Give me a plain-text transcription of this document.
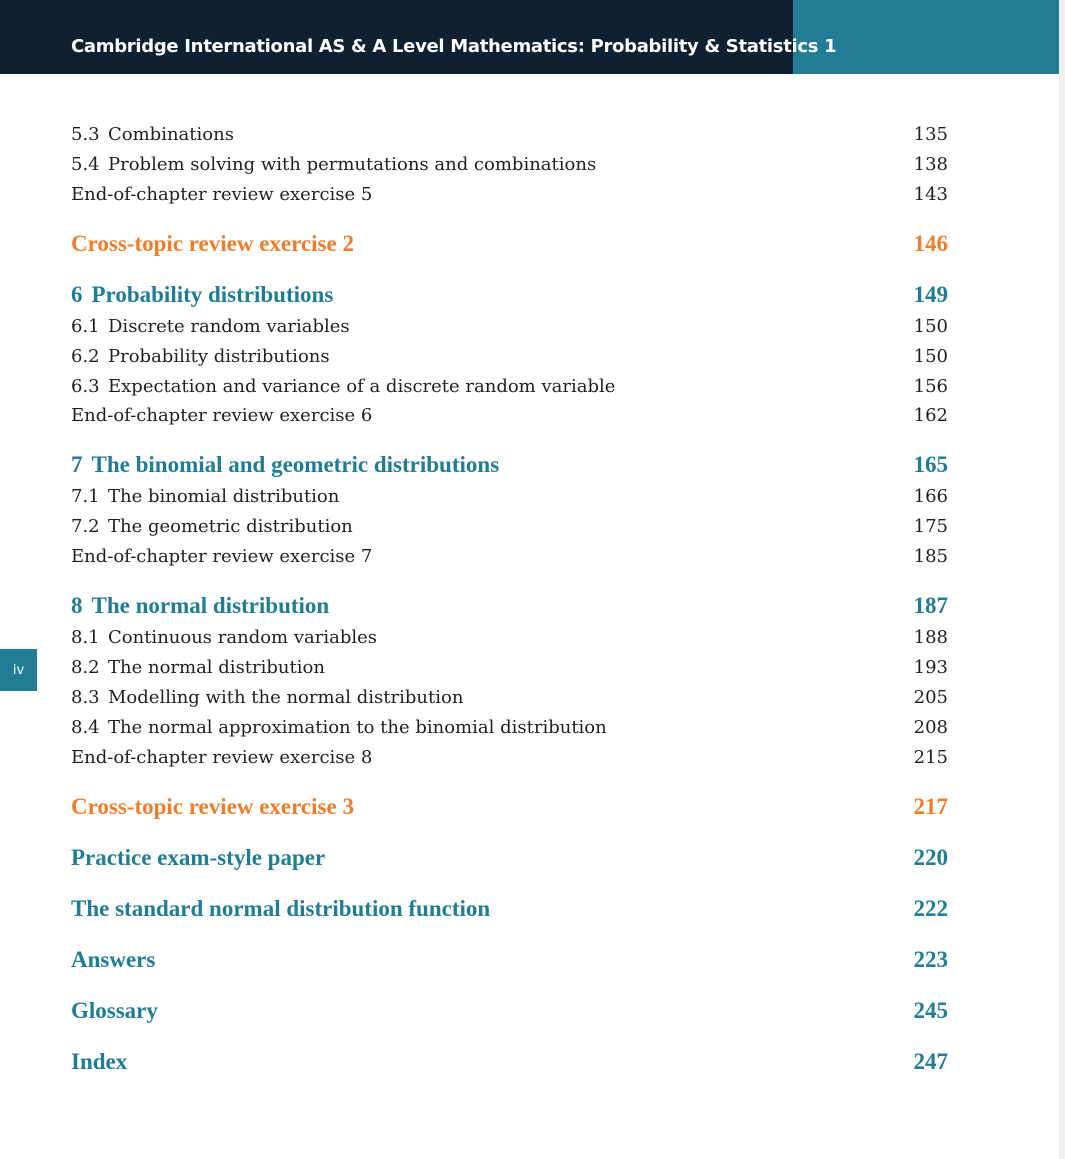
Cambridge International AS & A Level Mathematics: Probability & Statistics 1
iv
5.3 Combinations	135
5.4 Problem solving with permutations and combinations	138
End-of-chapter review exercise 5	143
Cross-topic review exercise 2	146
6 Probability distributions	149
6.1 Discrete random variables	150
6.2 Probability distributions	150
6.3 Expectation and variance of a discrete random variable	156
End-of-chapter review exercise 6	162
7 The binomial and geometric distributions	165
7.1 The binomial distribution	166
7.2 The geometric distribution	175
End-of-chapter review exercise 7	185
8 The normal distribution	187
8.1 Continuous random variables	188
8.2 The normal distribution	193
8.3 Modelling with the normal distribution	205
8.4 The normal approximation to the binomial distribution	208
End-of-chapter review exercise 8	215
Cross-topic review exercise 3	217
Practice exam-style paper	220
The standard normal distribution function	222
Answers	223
Glossary	245
Index	247
